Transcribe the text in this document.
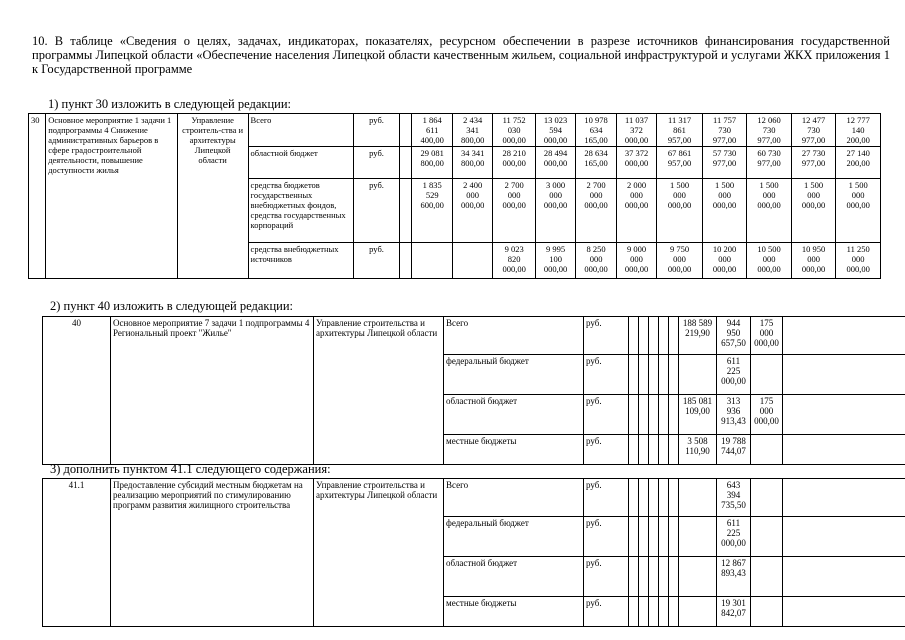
10. В таблице «Сведения о целях, задачах, индикаторах, показателях, ресурсном обеспечении в разрезе источников финансирования государственной программы Липецкой области «Обеспечение населения Липецкой области качественным жильем, социальной инфраструктурой и услугами ЖКХ приложения 1 к Государственной программе
1) пункт 30 изложить в следующей редакции:
2) пункт 40 изложить в следующей редакции:
3) дополнить пунктом 41.1 следующего содержания:
30	Основное мероприятие 1 задачи 1 подпрограммы 4 Снижение административных барьеров в сфере градостроительной деятельности, повышение доступности жилья	Управление строитель-ства и архитектуры Липецкой области	Всего	руб.		1 864
611
400,00	2 434
341
800,00	11 752
030
000,00	13 023
594
000,00	10 978
634
165,00	11 037
372
000,00	11 317
861
957,00	11 757
730
977,00	12 060
730
977,00	12 477
730
977,00	12 777
140
200,00
			областной бюджет	руб.		29 081
800,00	34 341
800,00	28 210
000,00	28 494
000,00	28 634
165,00	37 372
000,00	67 861
957,00	57 730
977,00	60 730
977,00	27 730
977,00	27 140
200,00
			средства бюджетов государственных внебюджетных фондов, средства государственных корпораций	руб.		1 835
529
600,00	2 400
000
000,00	2 700
000
000,00	3 000
000
000,00	2 700
000
000,00	2 000
000
000,00	1 500
000
000,00	1 500
000
000,00	1 500
000
000,00	1 500
000
000,00	1 500
000
000,00
			средства внебюджетных источников	руб.				9 023
820
000,00	9 995
100
000,00	8 250
000
000,00	9 000
000
000,00	9 750
000
000,00	10 200
000
000,00	10 500
000
000,00	10 950
000
000,00	11 250
000
000,00
40	Основное мероприятие 7 задачи 1 подпрограммы 4
Региональный проект "Жилье"	Управление строительства и архитектуры Липецкой области	Всего	руб.						188 589
219,90	944
950
657,50	175
000
000,00	
			федеральный бюджет	руб.							611
225
000,00		
			областной бюджет	руб.						185 081
109,00	313
936
913,43	175
000
000,00	
			местные бюджеты	руб.						3 508
110,90	19 788
744,07		
41.1	Предоставление субсидий местным бюджетам на реализацию мероприятий по стимулированию программ развития жилищного строительства	Управление строительства и архитектуры Липецкой области	Всего	руб.							643
394
735,50		
			федеральный бюджет	руб.							611
225
000,00		
			областной бюджет	руб.							12 867
893,43		
			местные бюджеты	руб.							19 301
842,07		
